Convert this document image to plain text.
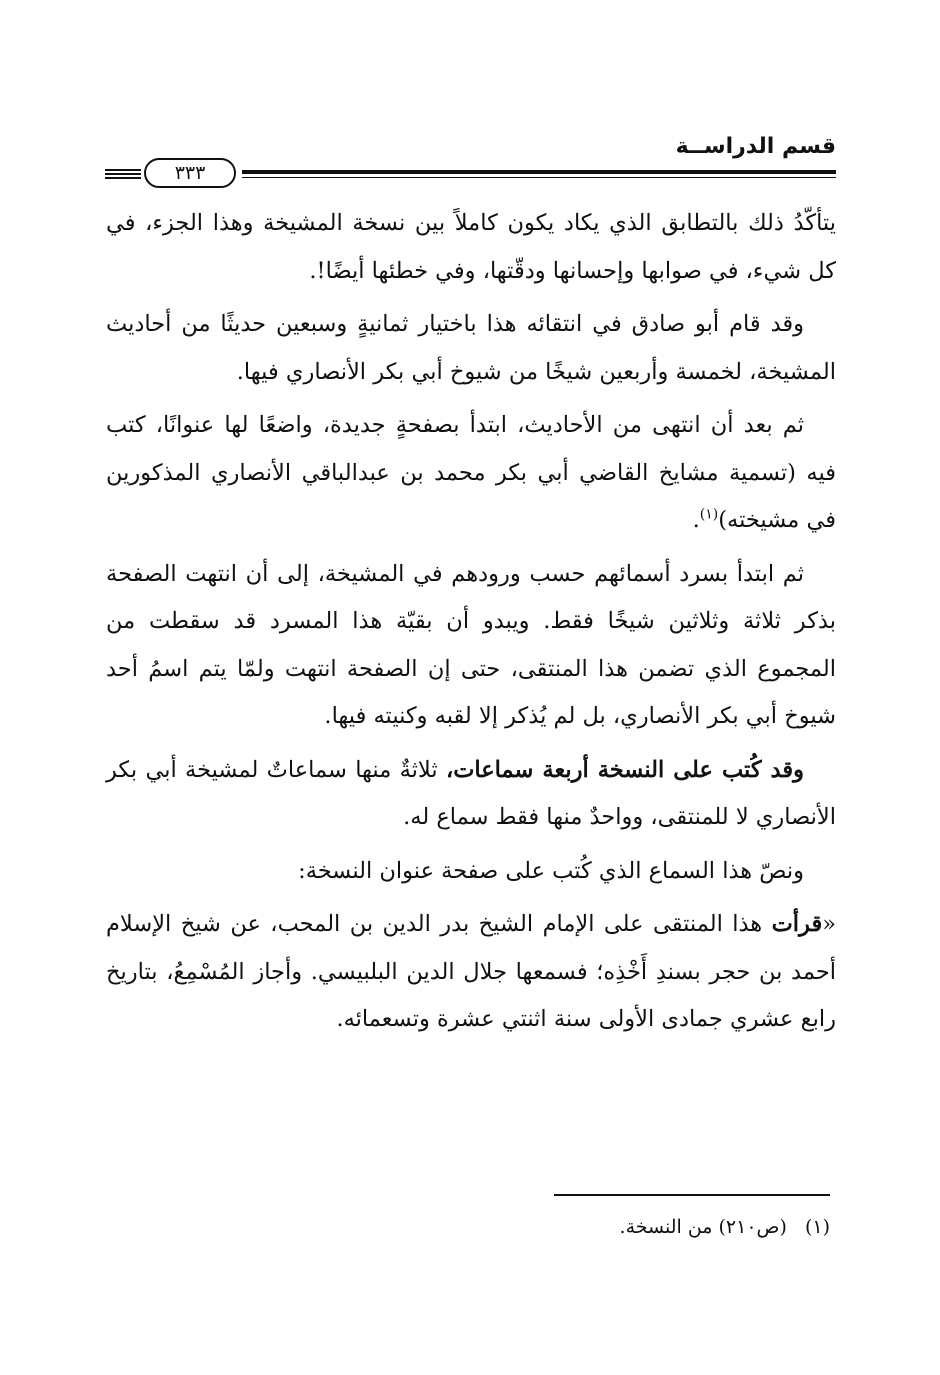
قسم الدراســة
٣٣٣

يتأكّدُ ذلك بالتطابق الذي يكاد يكون كاملاً بين نسخة المشيخة وهذا الجزء، في كل شيء، في صوابها وإحسانها ودقّتها، وفي خطئها أيضًا!.

وقد قام أبو صادق في انتقائه هذا باختيار ثمانيةٍ وسبعين حديثًا من أحاديث المشيخة، لخمسة وأربعين شيخًا من شيوخ أبي بكر الأنصاري فيها.

ثم بعد أن انتهى من الأحاديث، ابتدأ بصفحةٍ جديدة، واضعًا لها عنوانًا، كتب فيه (تسمية مشايخ القاضي أبي بكر محمد بن عبدالباقي الأنصاري المذكورين في مشيخته)$^{(١)}$.

ثم ابتدأ بسرد أسمائهم حسب ورودهم في المشيخة، إلى أن انتهت الصفحة بذكر ثلاثة وثلاثين شيخًا فقط. ويبدو أن بقيّة هذا المسرد قد سقطت من المجموع الذي تضمن هذا المنتقى، حتى إن الصفحة انتهت ولمّا يتم اسمُ أحد شيوخ أبي بكر الأنصاري، بل لم يُذكر إلا لقبه وكنيته فيها.

وقد كُتب على النسخة أربعة سماعات، ثلاثةٌ منها سماعاتٌ لمشيخة أبي بكر الأنصاري لا للمنتقى، وواحدٌ منها فقط سماع له.

ونصّ هذا السماع الذي كُتب على صفحة عنوان النسخة:

«قرأت هذا المنتقى على الإمام الشيخ بدر الدين بن المحب، عن شيخ الإسلام أحمد بن حجر بسندِ أَخْذِه؛ فسمعها جلال الدين البلبيسي. وأجاز المُسْمِعُ، بتاريخ رابع عشري جمادى الأولى سنة اثنتي عشرة وتسعمائه.

(١)(ص٢١٠) من النسخة.
